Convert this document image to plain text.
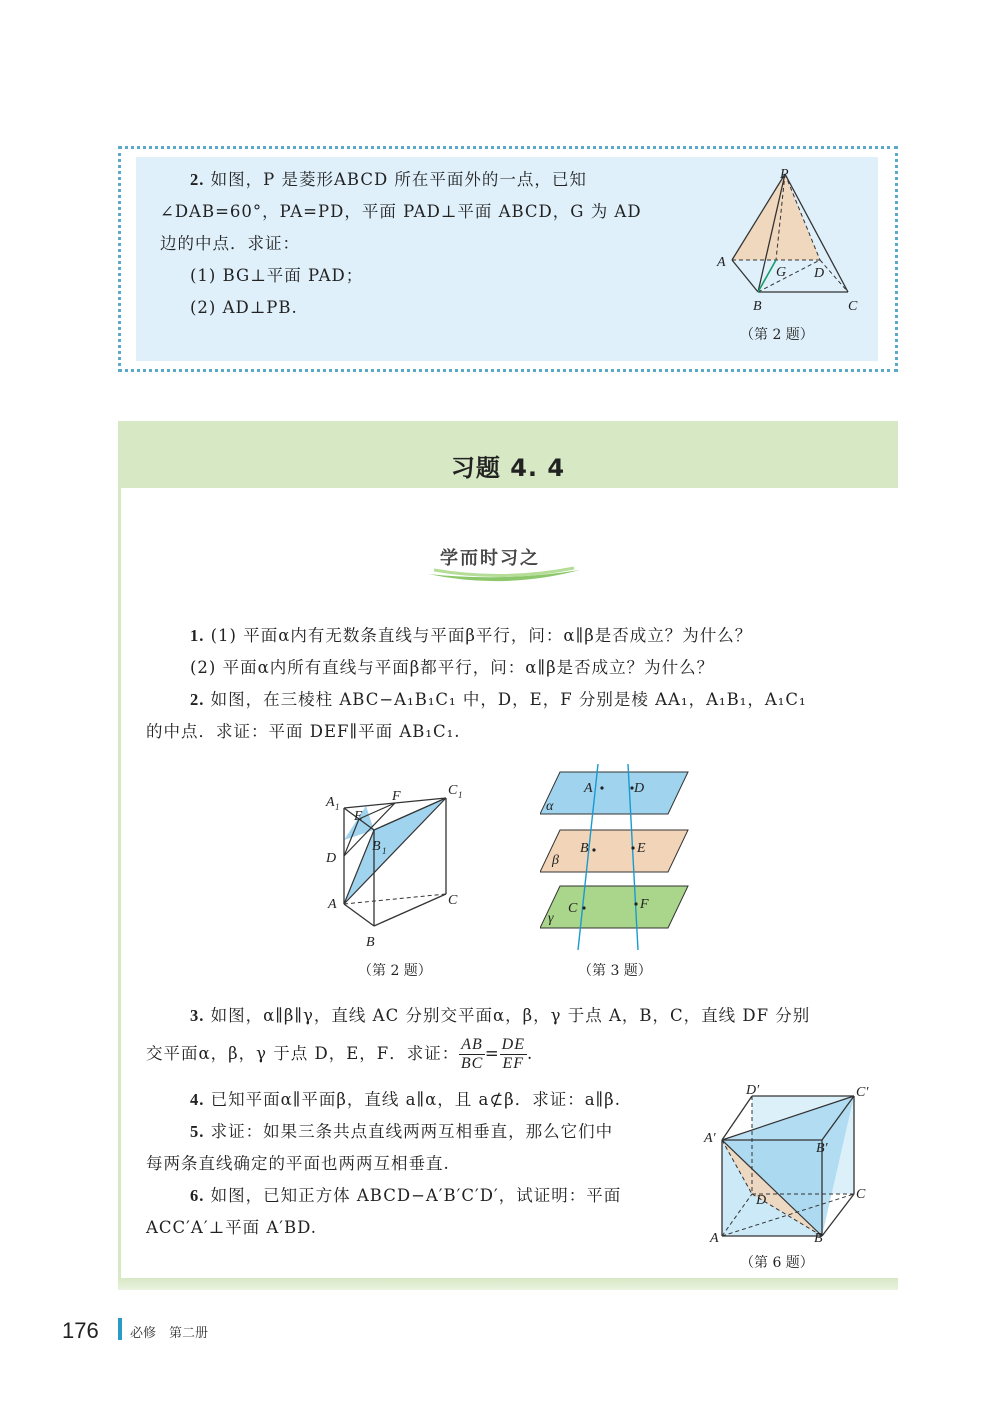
2. 如图，P 是菱形ABCD 所在平面外的一点，已知
∠DAB=60°，PA=PD，平面 PAD⊥平面 ABCD，G 为 AD
边的中点．求证：
(1) BG⊥平面 PAD；
(2) AD⊥PB.
P
A
G D
B	C
（第 2 题）
习题 4. 4
学而时习之
1. (1) 平面α内有无数条直线与平面β平行，问：α∥β是否成立？为什么？
(2) 平面α内所有直线与平面β都平行，问：α∥β是否成立？为什么？
2. 如图，在三棱柱 ABC−A₁B₁C₁ 中，D，E，F 分别是棱 AA₁，A₁B₁，A₁C₁
的中点．求证：平面 DEF∥平面 AB₁C₁.
A 1
C 1
F
E
B 1
D
A	C
B
（第 2 题）
A	D
α
B	E
β
C	F
γ
（第 3 题）
3. 如图，α∥β∥γ，直线 AC 分别交平面α，β，γ 于点 A，B，C，直线 DF 分别
交平面α，β，γ 于点 D，E，F．求证： $\frac{AB}{BC} = \frac{DE}{EF}$ .
4. 已知平面α∥平面β，直线 a∥α，且 a⊄β．求证：a∥β.
5. 求证：如果三条共点直线两两互相垂直，那么它们中
每两条直线确定的平面也两两互相垂直.
6. 如图，已知正方体 ABCD−A′B′C′D′，试证明：平面
ACC′A′⊥平面 A′BD.
D′	C′
A′
B′
C
D
A	B
（第 6 题）
176 必修　第二册
